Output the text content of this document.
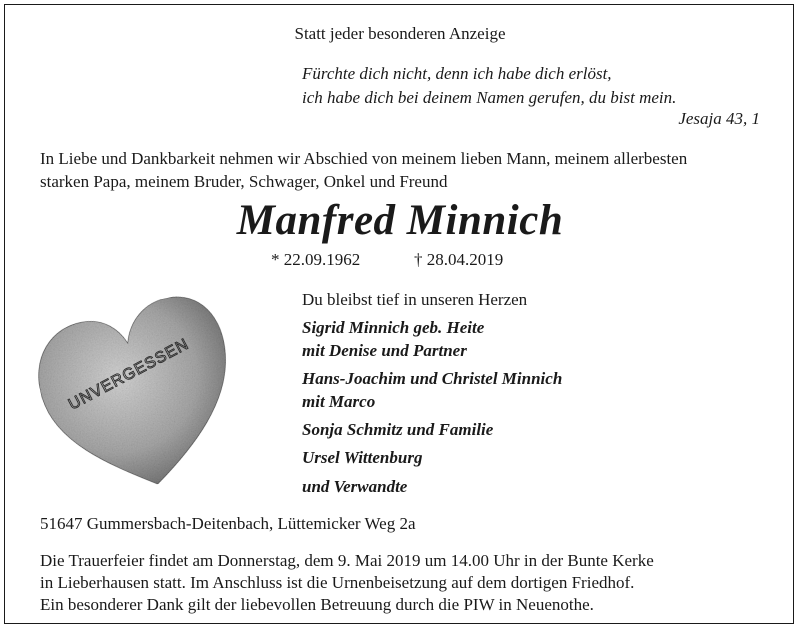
Statt jeder besonderen Anzeige
Fürchte dich nicht, denn ich habe dich erlöst,
ich habe dich bei deinem Namen gerufen, du bist mein.
Jesaja 43, 1
In Liebe und Dankbarkeit nehmen wir Abschied von meinem lieben Mann, meinem allerbesten
starken Papa, meinem Bruder, Schwager, Onkel und Freund
Manfred Minnich
* 22.09.1962	† 28.04.2019
UNVERGESSEN
Du bleibst tief in unseren Herzen
Sigrid Minnich geb. Heite
mit Denise und Partner
Hans-Joachim und Christel Minnich
mit Marco
Sonja Schmitz und Familie
Ursel Wittenburg
und Verwandte
51647 Gummersbach-Deitenbach, Lüttemicker Weg 2a
Die Trauerfeier findet am Donnerstag, dem 9. Mai 2019 um 14.00 Uhr in der Bunte Kerke
in Lieberhausen statt. Im Anschluss ist die Urnenbeisetzung auf dem dortigen Friedhof.
Ein besonderer Dank gilt der liebevollen Betreuung durch die PIW in Neuenothe.
